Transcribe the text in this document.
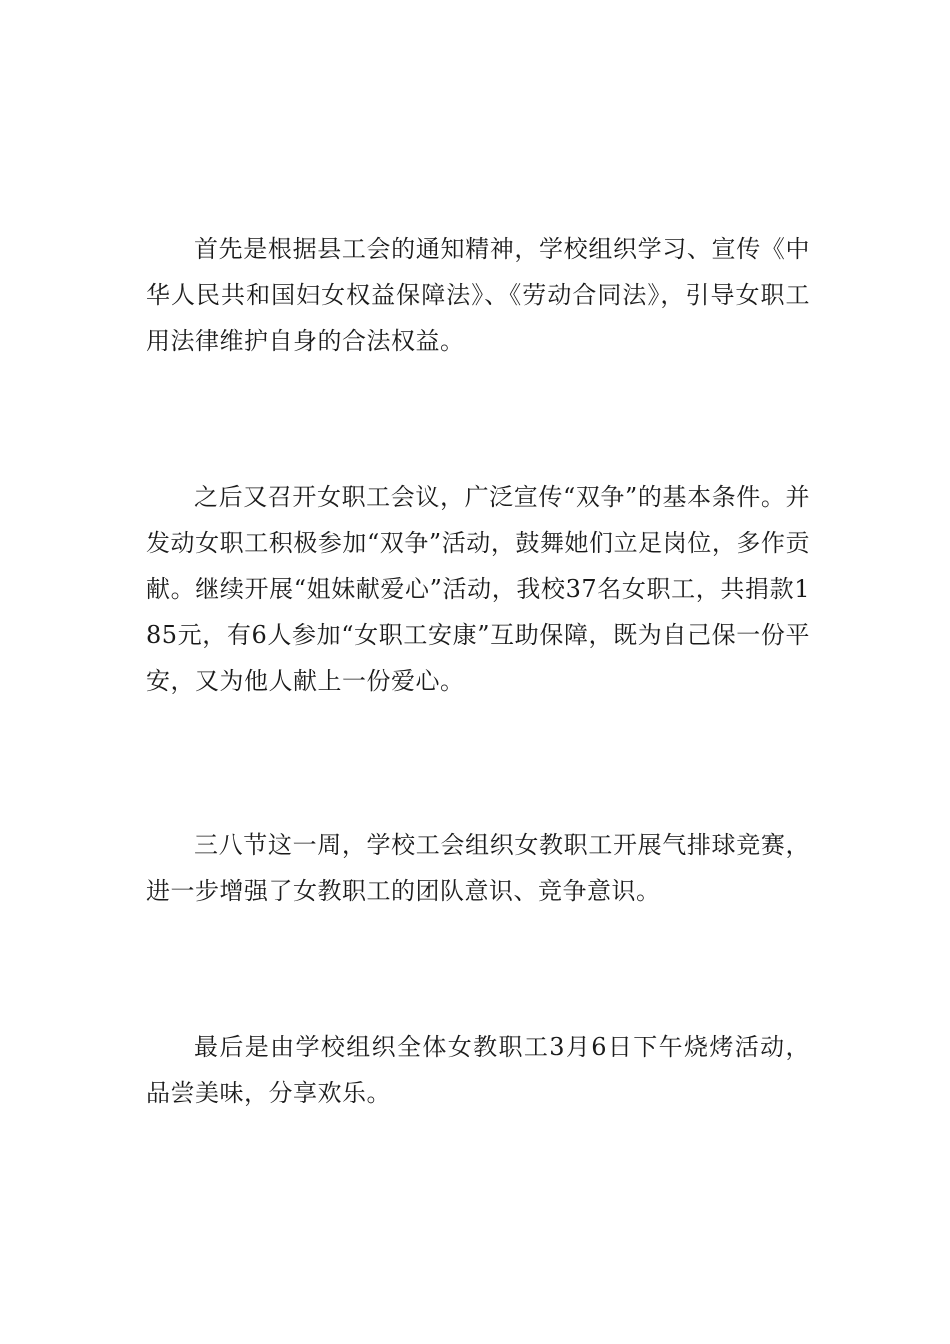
首先是根据县工会的通知精神，学校组织学习、宣传《中华人民共和国妇女权益保障法》、《劳动合同法》，引导女职工用法律维护自身的合法权益。

之后又召开女职工会议，广泛宣传“双争”的基本条件。并发动女职工积极参加“双争”活动，鼓舞她们立足岗位，多作贡献。继续开展“姐妹献爱心”活动，我校37名女职工，共捐款185元，有6人参加“女职工安康”互助保障，既为自己保一份平安，又为他人献上一份爱心。

三八节这一周，学校工会组织女教职工开展气排球竞赛，进一步增强了女教职工的团队意识、竞争意识。

最后是由学校组织全体女教职工3月6日下午烧烤活动，品尝美味，分享欢乐。
